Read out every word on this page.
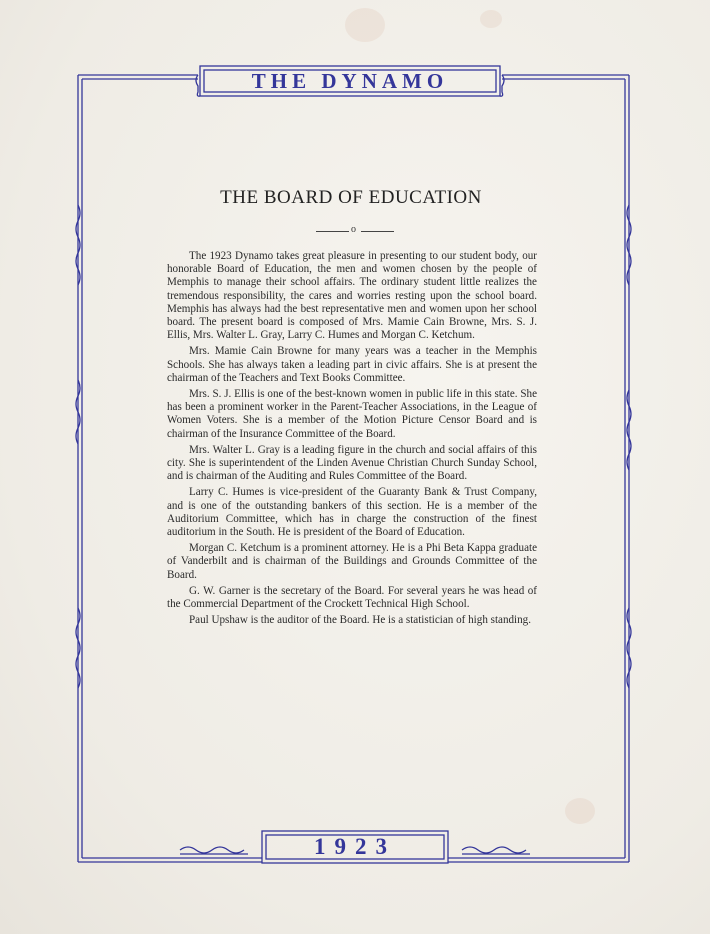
THE DYNAMO
1923
THE BOARD OF EDUCATION
o

The 1923 Dynamo takes great pleasure in presenting to our student body, our honorable Board of Education, the men and women chosen by the people of Memphis to manage their school affairs. The ordinary student little realizes the tremendous responsibility, the cares and worries resting upon the school board. Memphis has always had the best representative men and women upon her school board. The present board is composed of Mrs. Mamie Cain Browne, Mrs. S. J. Ellis, Mrs. Walter L. Gray, Larry C. Humes and Morgan C. Ketchum.

Mrs. Mamie Cain Browne for many years was a teacher in the Memphis Schools. She has always taken a leading part in civic affairs. She is at present the chairman of the Teachers and Text Books Committee.

Mrs. S. J. Ellis is one of the best-known women in public life in this state. She has been a prominent worker in the Parent-Teacher Associations, in the League of Women Voters. She is a member of the Motion Picture Censor Board and is chairman of the Insurance Committee of the Board.

Mrs. Walter L. Gray is a leading figure in the church and social affairs of this city. She is superintendent of the Linden Avenue Christian Church Sunday School, and is chairman of the Auditing and Rules Committee of the Board.

Larry C. Humes is vice-president of the Guaranty Bank & Trust Company, and is one of the outstanding bankers of this section. He is a member of the Auditorium Committee, which has in charge the construction of the finest auditorium in the South. He is president of the Board of Education.

Morgan C. Ketchum is a prominent attorney. He is a Phi Beta Kappa graduate of Vanderbilt and is chairman of the Buildings and Grounds Committee of the Board.

G. W. Garner is the secretary of the Board. For several years he was head of the Commercial Department of the Crockett Technical High School.

Paul Upshaw is the auditor of the Board. He is a statistician of high standing.
